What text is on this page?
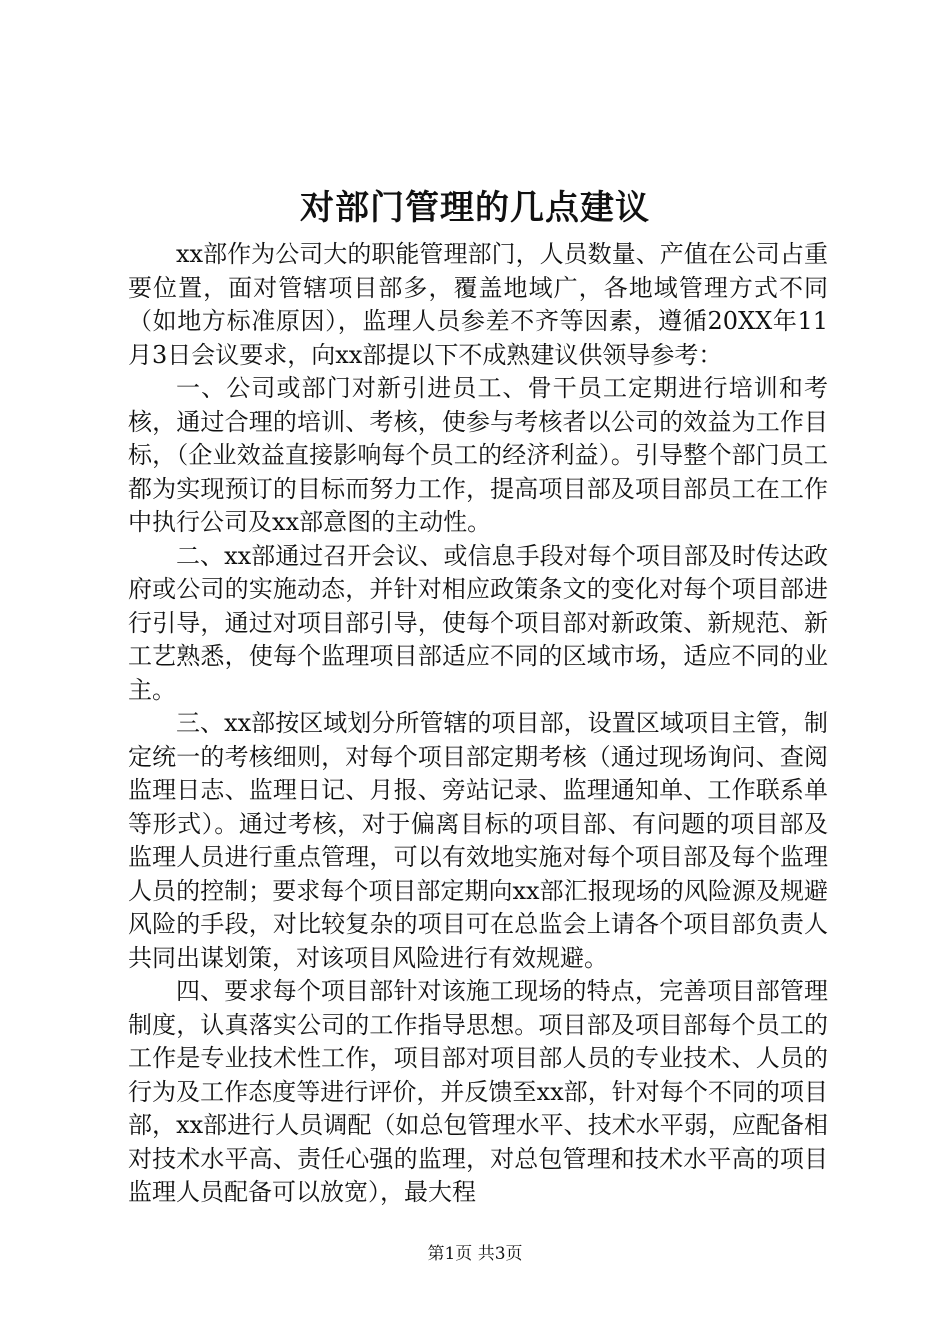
对部门管理的几点建议

xx部作为公司大的职能管理部门，人员数量、产值在公司占重要位置，面对管辖项目部多，覆盖地域广，各地域管理方式不同（如地方标准原因），监理人员参差不齐等因素，遵循20XX年11月3日会议要求，向xx部提以下不成熟建议供领导参考：

一、公司或部门对新引进员工、骨干员工定期进行培训和考核，通过合理的培训、考核，使参与考核者以公司的效益为工作目标，（企业效益直接影响每个员工的经济利益）。引导整个部门员工都为实现预订的目标而努力工作，提高项目部及项目部员工在工作中执行公司及xx部意图的主动性。

二、xx部通过召开会议、或信息手段对每个项目部及时传达政府或公司的实施动态，并针对相应政策条文的变化对每个项目部进行引导，通过对项目部引导，使每个项目部对新政策、新规范、新工艺熟悉，使每个监理项目部适应不同的区域市场，适应不同的业主。

三、xx部按区域划分所管辖的项目部，设置区域项目主管，制定统一的考核细则，对每个项目部定期考核（通过现场询问、查阅监理日志、监理日记、月报、旁站记录、监理通知单、工作联系单等形式）。通过考核，对于偏离目标的项目部、有问题的项目部及监理人员进行重点管理，可以有效地实施对每个项目部及每个监理人员的控制；要求每个项目部定期向xx部汇报现场的风险源及规避风险的手段，对比较复杂的项目可在总监会上请各个项目部负责人共同出谋划策，对该项目风险进行有效规避。

四、要求每个项目部针对该施工现场的特点，完善项目部管理制度，认真落实公司的工作指导思想。项目部及项目部每个员工的工作是专业技术性工作，项目部对项目部人员的专业技术、人员的行为及工作态度等进行评价，并反馈至xx部，针对每个不同的项目部，xx部进行人员调配（如总包管理水平、技术水平弱，应配备相对技术水平高、责任心强的监理，对总包管理和技术水平高的项目监理人员配备可以放宽），最大程

第1页 共3页
